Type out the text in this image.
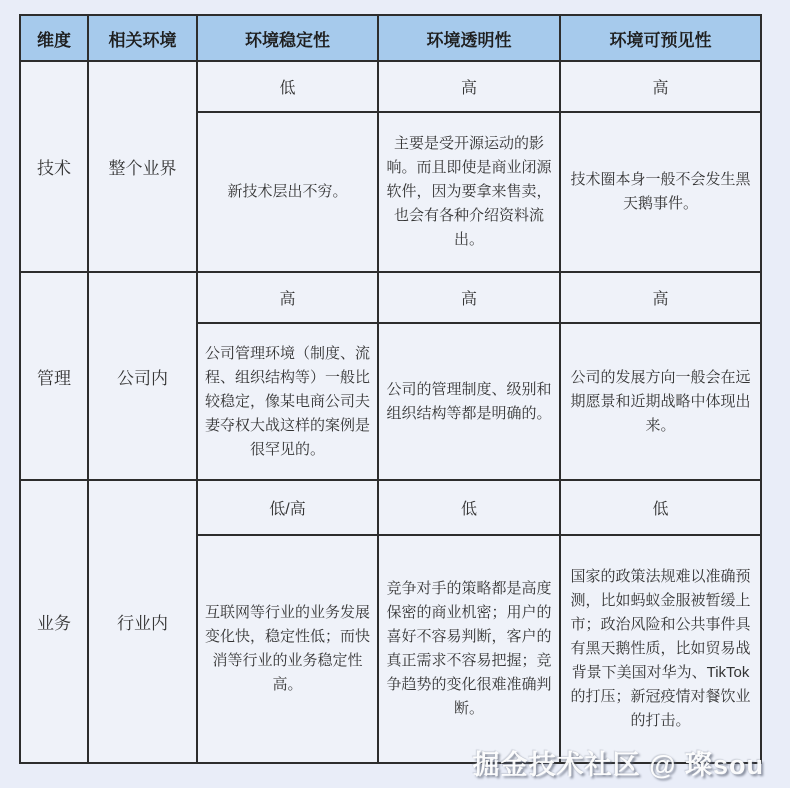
维度	相关环境	环境稳定性	环境透明性	环境可预见性
技术	整个业界	低	高	高
		新技术层出不穷。	主要是受开源运动的影响。而且即使是商业闭源软件，因为要拿来售卖，也会有各种介绍资料流出。	技术圈本身一般不会发生黑天鹅事件。
管理	公司内	高	高	高
		公司管理环境（制度、流程、组织结构等）一般比较稳定，像某电商公司夫妻夺权大战这样的案例是很罕见的。	公司的管理制度、级别和组织结构等都是明确的。	公司的发展方向一般会在远期愿景和近期战略中体现出来。
业务	行业内	低/高	低	低
		互联网等行业的业务发展变化快，稳定性低；而快消等行业的业务稳定性高。	竞争对手的策略都是高度保密的商业机密；用户的喜好不容易判断，客户的真正需求不容易把握；竞争趋势的变化很难准确判断。	国家的政策法规难以准确预测，比如蚂蚁金服被暂缓上市；政治风险和公共事件具有黑天鹅性质，比如贸易战背景下美国对华为、TikTok的打压；新冠疫情对餐饮业的打击。
掘金技术社区 @ 璨sou
